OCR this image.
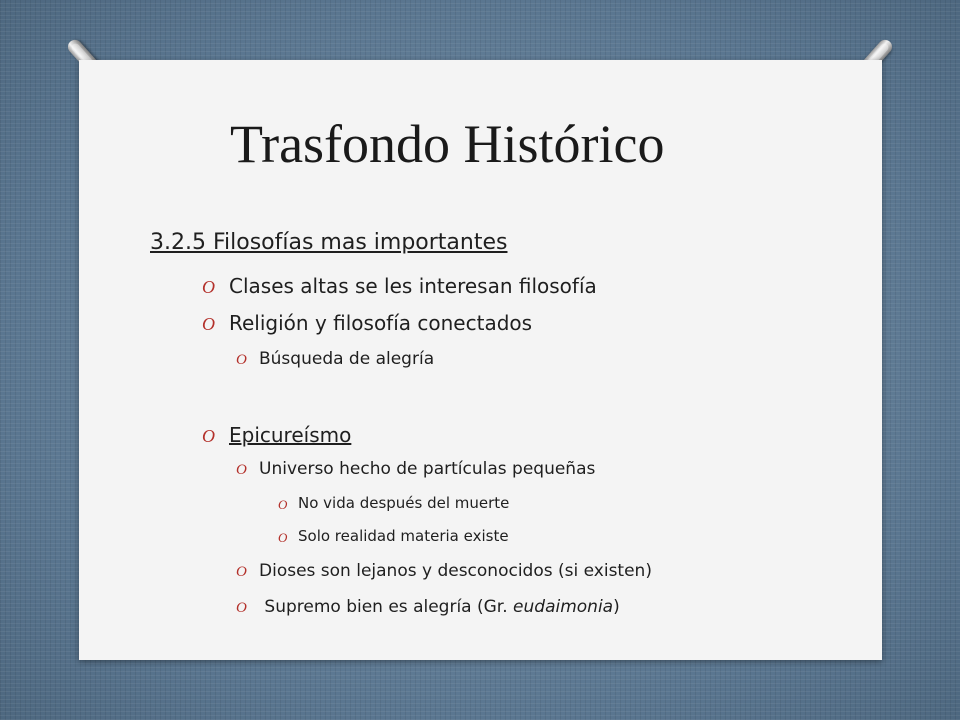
Trasfondo Histórico
3.2.5 Filosofías mas importantes
O Clases altas se les interesan filosofía
O Religión y filosofía conectados
O Búsqueda de alegría
O Epicureísmo
O Universo hecho de partículas pequeñas
O No vida después del muerte
O Solo realidad materia existe
O Dioses son lejanos y desconocidos (si existen)
O Supremo bien es alegría (Gr. eudaimonia)
